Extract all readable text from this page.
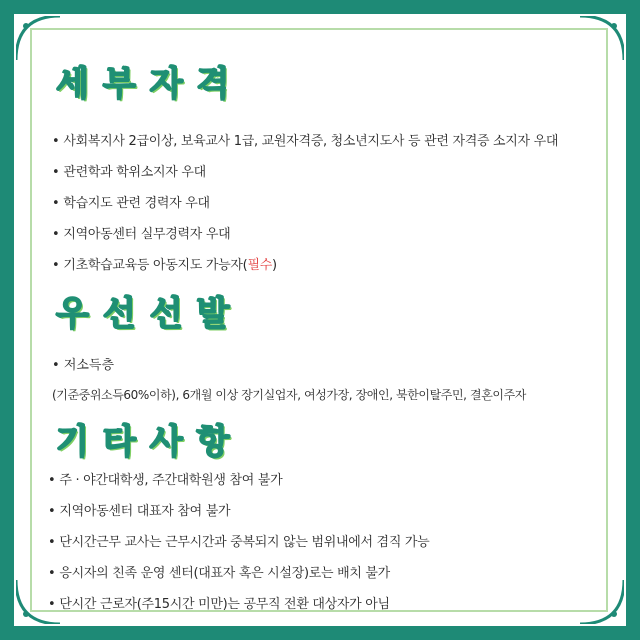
세부자격
• 사회복지사 2급이상, 보육교사 1급, 교원자격증, 청소년지도사 등 관련 자격증 소지자 우대
• 관련학과 학위소지자 우대
• 학습지도 관련 경력자 우대
• 지역아동센터 실무경력자 우대
• 기초학습교육등 아동지도 가능자(필수)
우선선발
• 저소득층
(기준중위소득60%이하), 6개월 이상 장기실업자, 여성가장, 장애인, 북한이탈주민, 결혼이주자
기타사항
• 주 · 야간대학생, 주간대학원생 참여 불가
• 지역아동센터 대표자 참여 불가
• 단시간근무 교사는 근무시간과 중복되지 않는 범위내에서 겸직 가능
• 응시자의 친족 운영 센터(대표자 혹은 시설장)로는 배치 불가
• 단시간 근로자(주15시간 미만)는 공무직 전환 대상자가 아님
